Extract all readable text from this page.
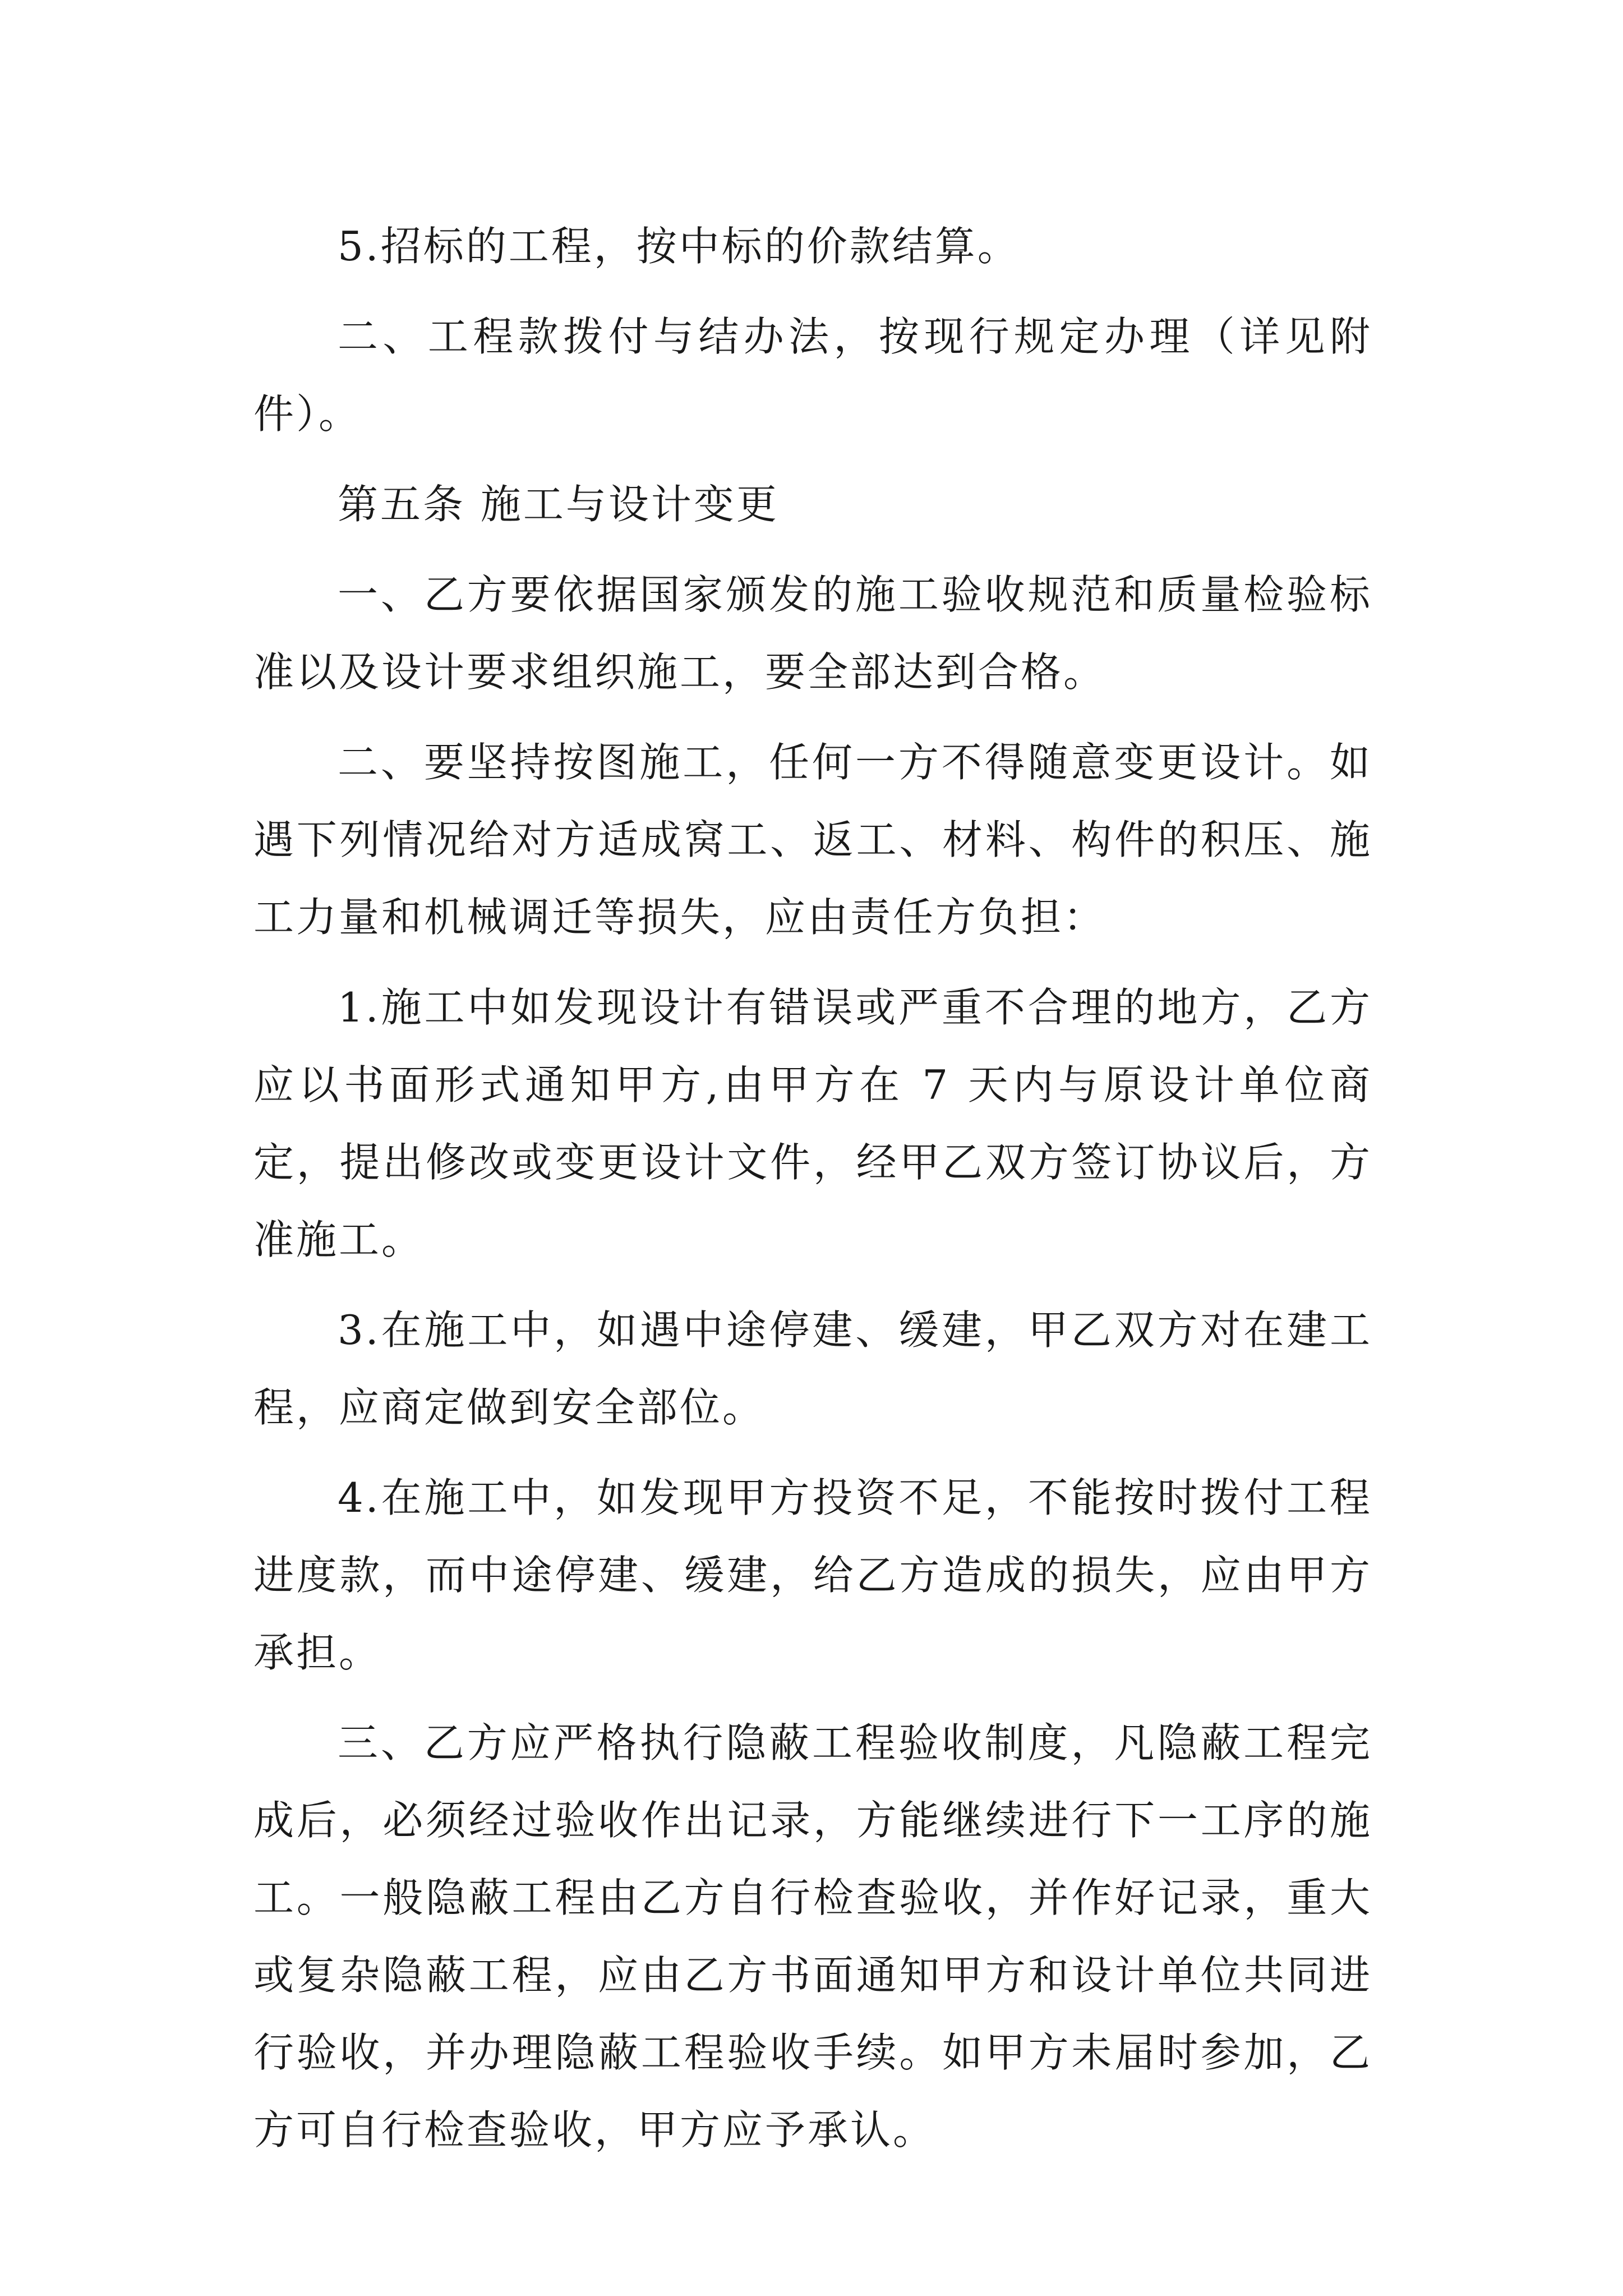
5.招标的工程，按中标的价款结算。

二、工程款拨付与结办法，按现行规定办理（详见附件）。

第五条 施工与设计变更

一、乙方要依据国家颁发的施工验收规范和质量检验标准以及设计要求组织施工，要全部达到合格。

二、要坚持按图施工，任何一方不得随意变更设计。如遇下列情况给对方适成窝工、返工、材料、构件的积压、施工力量和机械调迁等损失，应由责任方负担：

1.施工中如发现设计有错误或严重不合理的地方，乙方应以书面形式通知甲方,由甲方在 7 天内与原设计单位商定，提出修改或变更设计文件，经甲乙双方签订协议后，方准施工。

3.在施工中，如遇中途停建、缓建，甲乙双方对在建工程，应商定做到安全部位。

4.在施工中，如发现甲方投资不足，不能按时拨付工程进度款，而中途停建、缓建，给乙方造成的损失，应由甲方承担。

三、乙方应严格执行隐蔽工程验收制度，凡隐蔽工程完成后，必须经过验收作出记录，方能继续进行下一工序的施工。一般隐蔽工程由乙方自行检查验收，并作好记录，重大或复杂隐蔽工程，应由乙方书面通知甲方和设计单位共同进行验收，并办理隐蔽工程验收手续。如甲方未届时参加，乙方可自行检查验收，甲方应予承认。
